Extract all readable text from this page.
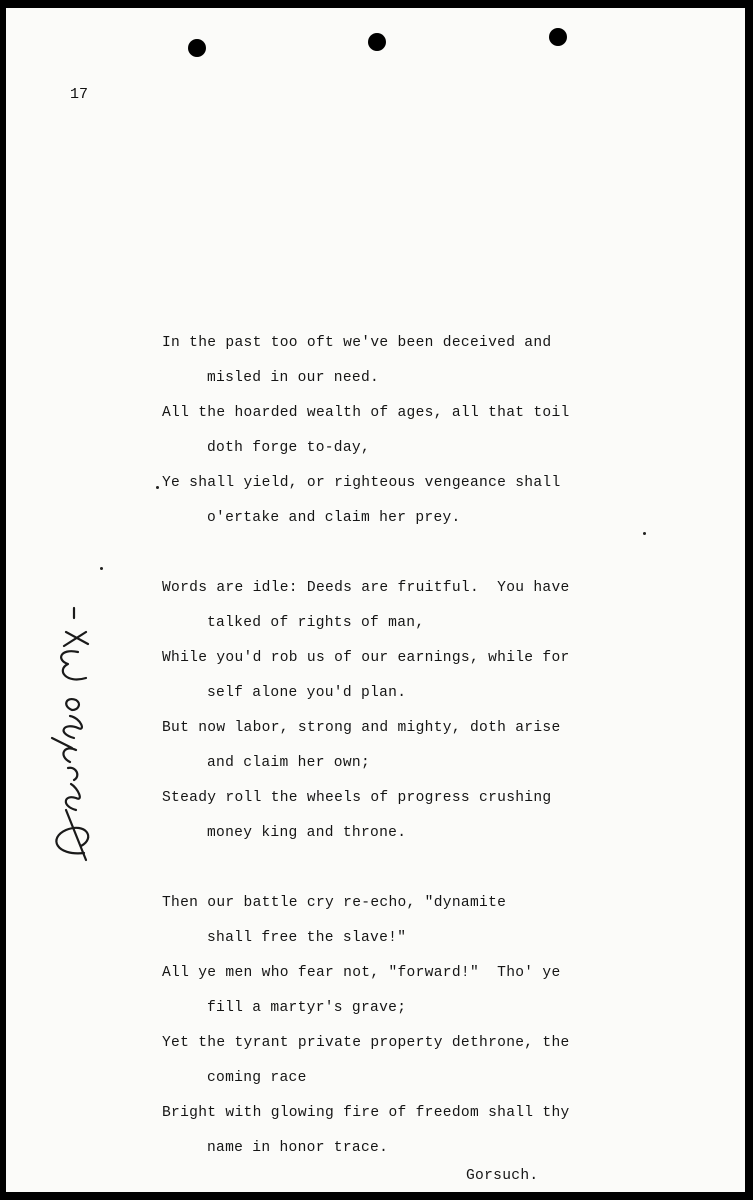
17
In the past too oft we've been deceived and
misled in our need.
All the hoarded wealth of ages, all that toil
doth forge to-day,
Ye shall yield, or righteous vengeance shall
o'ertake and claim her prey.
Words are idle: Deeds are fruitful.  You have
talked of rights of man,
While you'd rob us of our earnings, while for
self alone you'd plan.
But now labor, strong and mighty, doth arise
and claim her own;
Steady roll the wheels of progress crushing
money king and throne.
Then our battle cry re-echo, "dynamite
shall free the slave!"
All ye men who fear not, "forward!"  Tho' ye
fill a martyr's grave;
Yet the tyrant private property dethrone, the
coming race
Bright with glowing fire of freedom shall thy
name in honor trace.
Gorsuch.
